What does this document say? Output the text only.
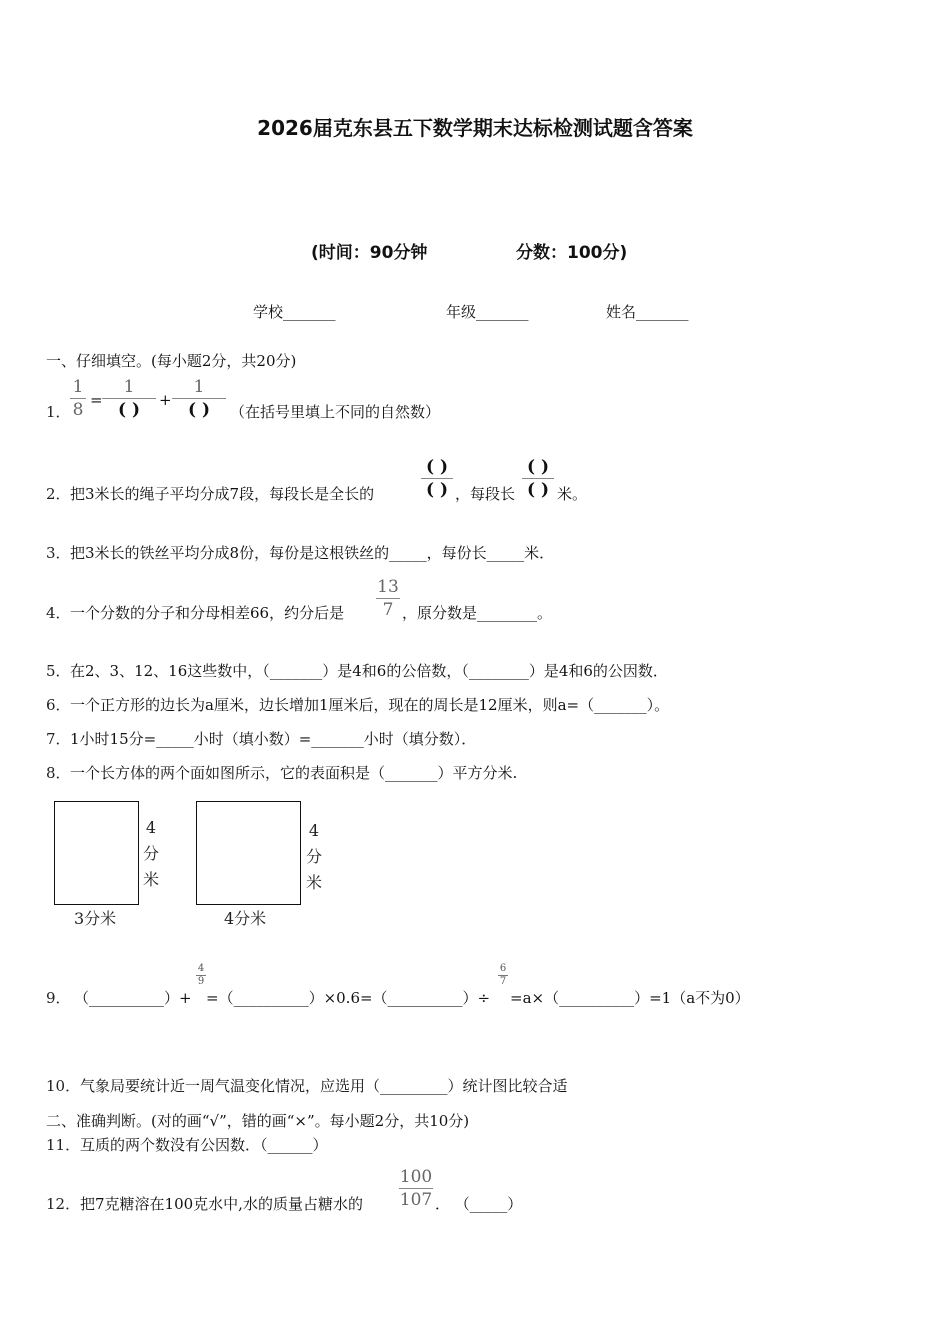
2026届克东县五下数学期末达标检测试题含答案
(时间：90分钟	分数：100分)
学校_______	年级_______	姓名_______
一、仔细填空。(每小题2分，共20分)
1．
1
8 =
1
( )	+
1
( )	（在括号里填上不同的自然数）
2． 把3米长的绳子平均分成7段，每段长是全长的
( )
( ) ，每段长
( )
( ) 米。
3． 把3米长的铁丝平均分成8份，每份是这根铁丝的_____，每份长_____米．
4． 一个分数的分子和分母相差66，约分后是
13
7 ，原分数是________。
5． 在2、3、12、16这些数中，（_______）是4和6的公倍数，（________）是4和6的公因数．
6． 一个正方形的边长为a厘米，边长增加1厘米后，现在的周长是12厘米，则a=（_______）。
7． 1小时15分=_____小时（填小数）=_______小时（填分数）．
8． 一个长方体的两个面如图所示，它的表面积是（_______）平方分米.
3分米
4
分
米
4分米
4
分
米
9． （__________）+
4
9
=（__________）×0.6=（__________）÷
6
7
=a×（__________）=1（a不为0）
10． 气象局要统计近一周气温变化情况，应选用（_________）统计图比较合适
二、准确判断。(对的画“√”，错的画“×”。每小题2分，共10分)
11． 互质的两个数没有公因数．（______）
12． 把7克糖溶在100克水中,水的质量占糖水的
100
107 ． （_____）
